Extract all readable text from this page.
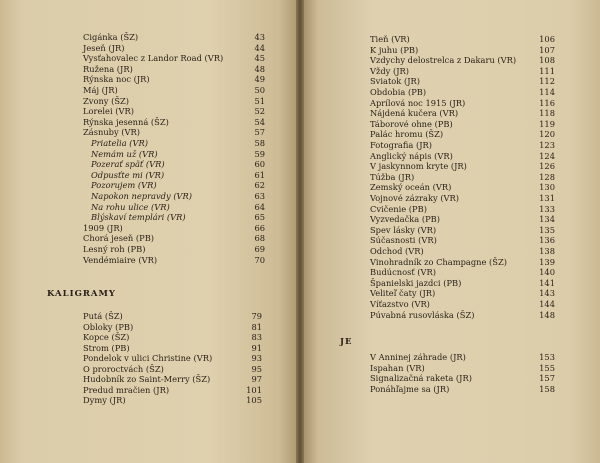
Cigánka (ŠZ)	43
Jeseň (JR)	44
Vysťahovalec z Landor Road (VR)	45
Ruženа (JR)	48
Rýnska noc (JR)	49
Máj (JR)	50
Zvony (ŠZ)	51
Lorelei (VR)	52
Rýnska jesenná (ŠZ)	54
Zásnuby (VR)	57
Priatelia (VR)	58
Nemám už (VR)	59
Pozerať späť (VR)	60
Odpusťte mi (VR)	61
Pozorujem (VR)	62
Napokon nepravdy (VR)	63
Na rohu ulice (VR)	64
Blýskaví templári (VR)	65
1909 (JR)	66
Chorá jeseň (PB)	68
Lesný roh (PB)	69
Vendémiaire (VR)	70
KALIGRAMY
Putá (ŠZ)	79
Obloky (PB)	81
Kopce (ŠZ)	83
Strom (PB)	91
Pondelok v ulici Christine (VR)	93
O prorоctvách (ŠZ)	95
Hudobník zo Saint-Merry (ŠZ)	97
Predud mračien (JR)	101
Dymy (JR)	105
Tieň (VR)	106
K juhu (PB)	107
Vzdychy delostrelca z Dakaru (VR)	108
Vždy (JR)	111
Sviatok (JR)	112
Obdobia (PB)	114
Aprílová noc 1915 (JR)	116
Nájdená kučera (VR)	118
Táborové ohne (PB)	119
Palác hromu (ŠZ)	120
Fotografia (JR)	123
Anglický nápis (VR)	124
V jaskynnom kryte (JR)	126
Túžba (JR)	128
Zemský oceán (VR)	130
Vojnové zázraky (VR)	131
Cvičenie (PB)	133
Vyzvedačka (PB)	134
Spev lásky (VR)	135
Súčasnosti (VR)	136
Odchod (VR)	138
Vinohradník zo Champagne (ŠZ)	139
Budúcnosť (VR)	140
Španielski jazdci (PB)	141
Veliteľ čaty (JR)	143
Víťazstvo (VR)	144
Púvabná rusovláska (ŠZ)	148
JE
V Anninej záhrade (JR)	153
Ispahan (VR)	155
Signalizačná raketa (JR)	157
Ponáhľajme sa (JR)	158
